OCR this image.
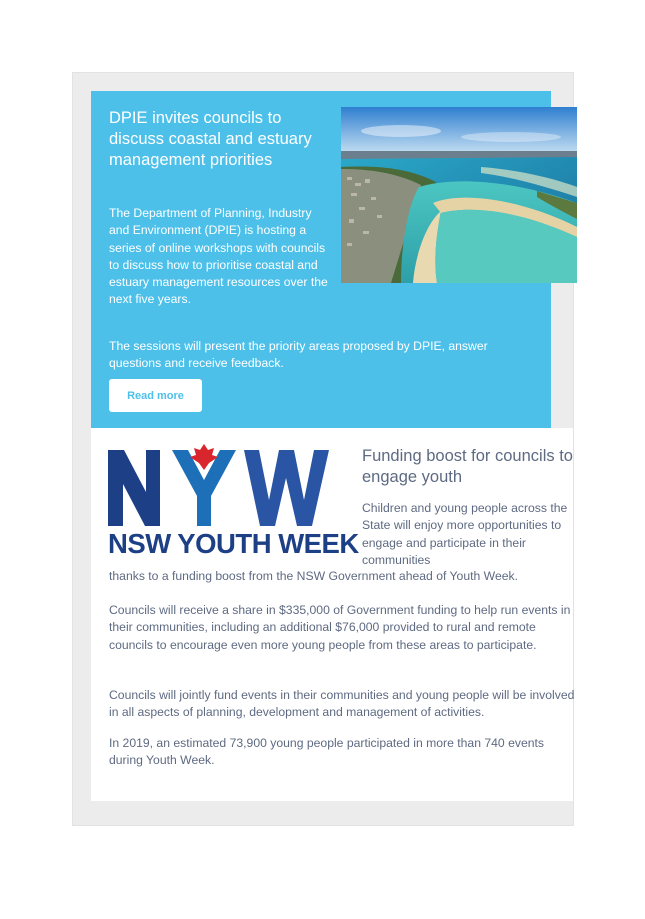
DPIE invites councils to discuss coastal and estuary management priorities

The Department of Planning, Industry and Environment (DPIE) is hosting a series of online workshops with councils to discuss how to prioritise coastal and estuary management resources over the next five years.

The sessions will present the priority areas proposed by DPIE, answer questions and receive feedback.

Read more
NSW YOUTH WEEK
Funding boost for councils to engage youth

Children and young people across the State will enjoy more opportunities to engage and participate in their communities

thanks to a funding boost from the NSW Government ahead of Youth Week.

Councils will receive a share in $335,000 of Government funding to help run events in their communities, including an additional $76,000 provided to rural and remote councils to encourage even more young people from these areas to participate.

Councils will jointly fund events in their communities and young people will be involved in all aspects of planning, development and management of activities.

In 2019, an estimated 73,900 young people participated in more than 740 events during Youth Week.
